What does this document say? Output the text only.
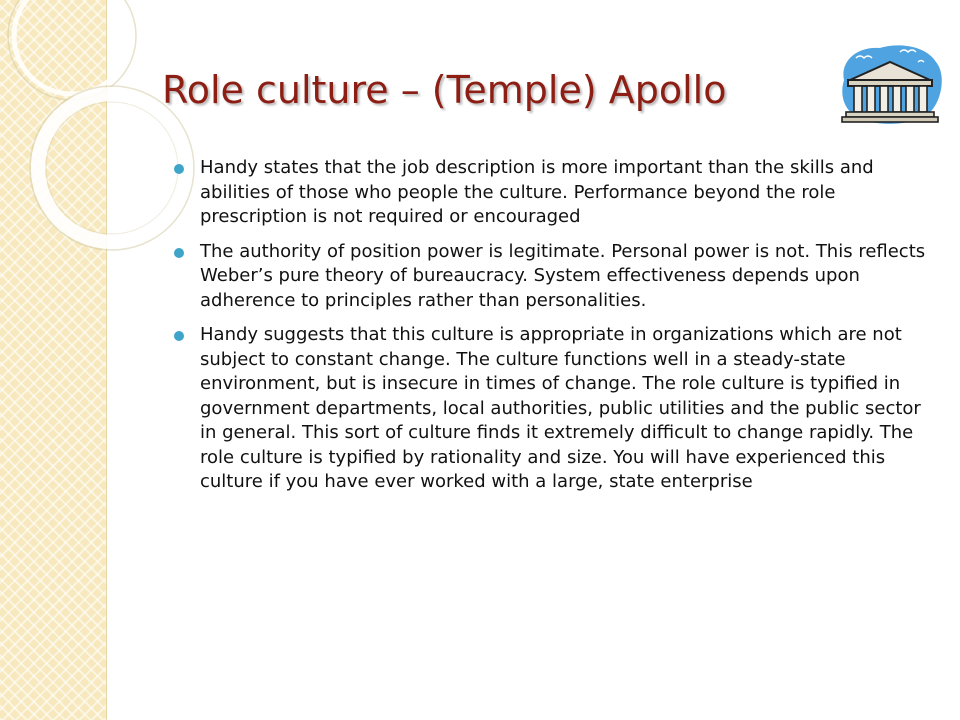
Role culture – (Temple) Apollo
Handy states that the job description is more important than the skills and abilities of those who people the culture. Performance beyond the role prescription is not required or encouraged
The authority of position power is legitimate. Personal power is not. This reflects Weber’s pure theory of bureaucracy. System effectiveness depends upon adherence to principles rather than personalities.
Handy suggests that this culture is appropriate in organizations which are not subject to constant change. The culture functions well in a steady-state environment, but is insecure in times of change. The role culture is typified in government departments, local authorities, public utilities and the public sector in general. This sort of culture finds it extremely difficult to change rapidly. The role culture is typified by rationality and size. You will have experienced this culture if you have ever worked with a large, state enterprise
